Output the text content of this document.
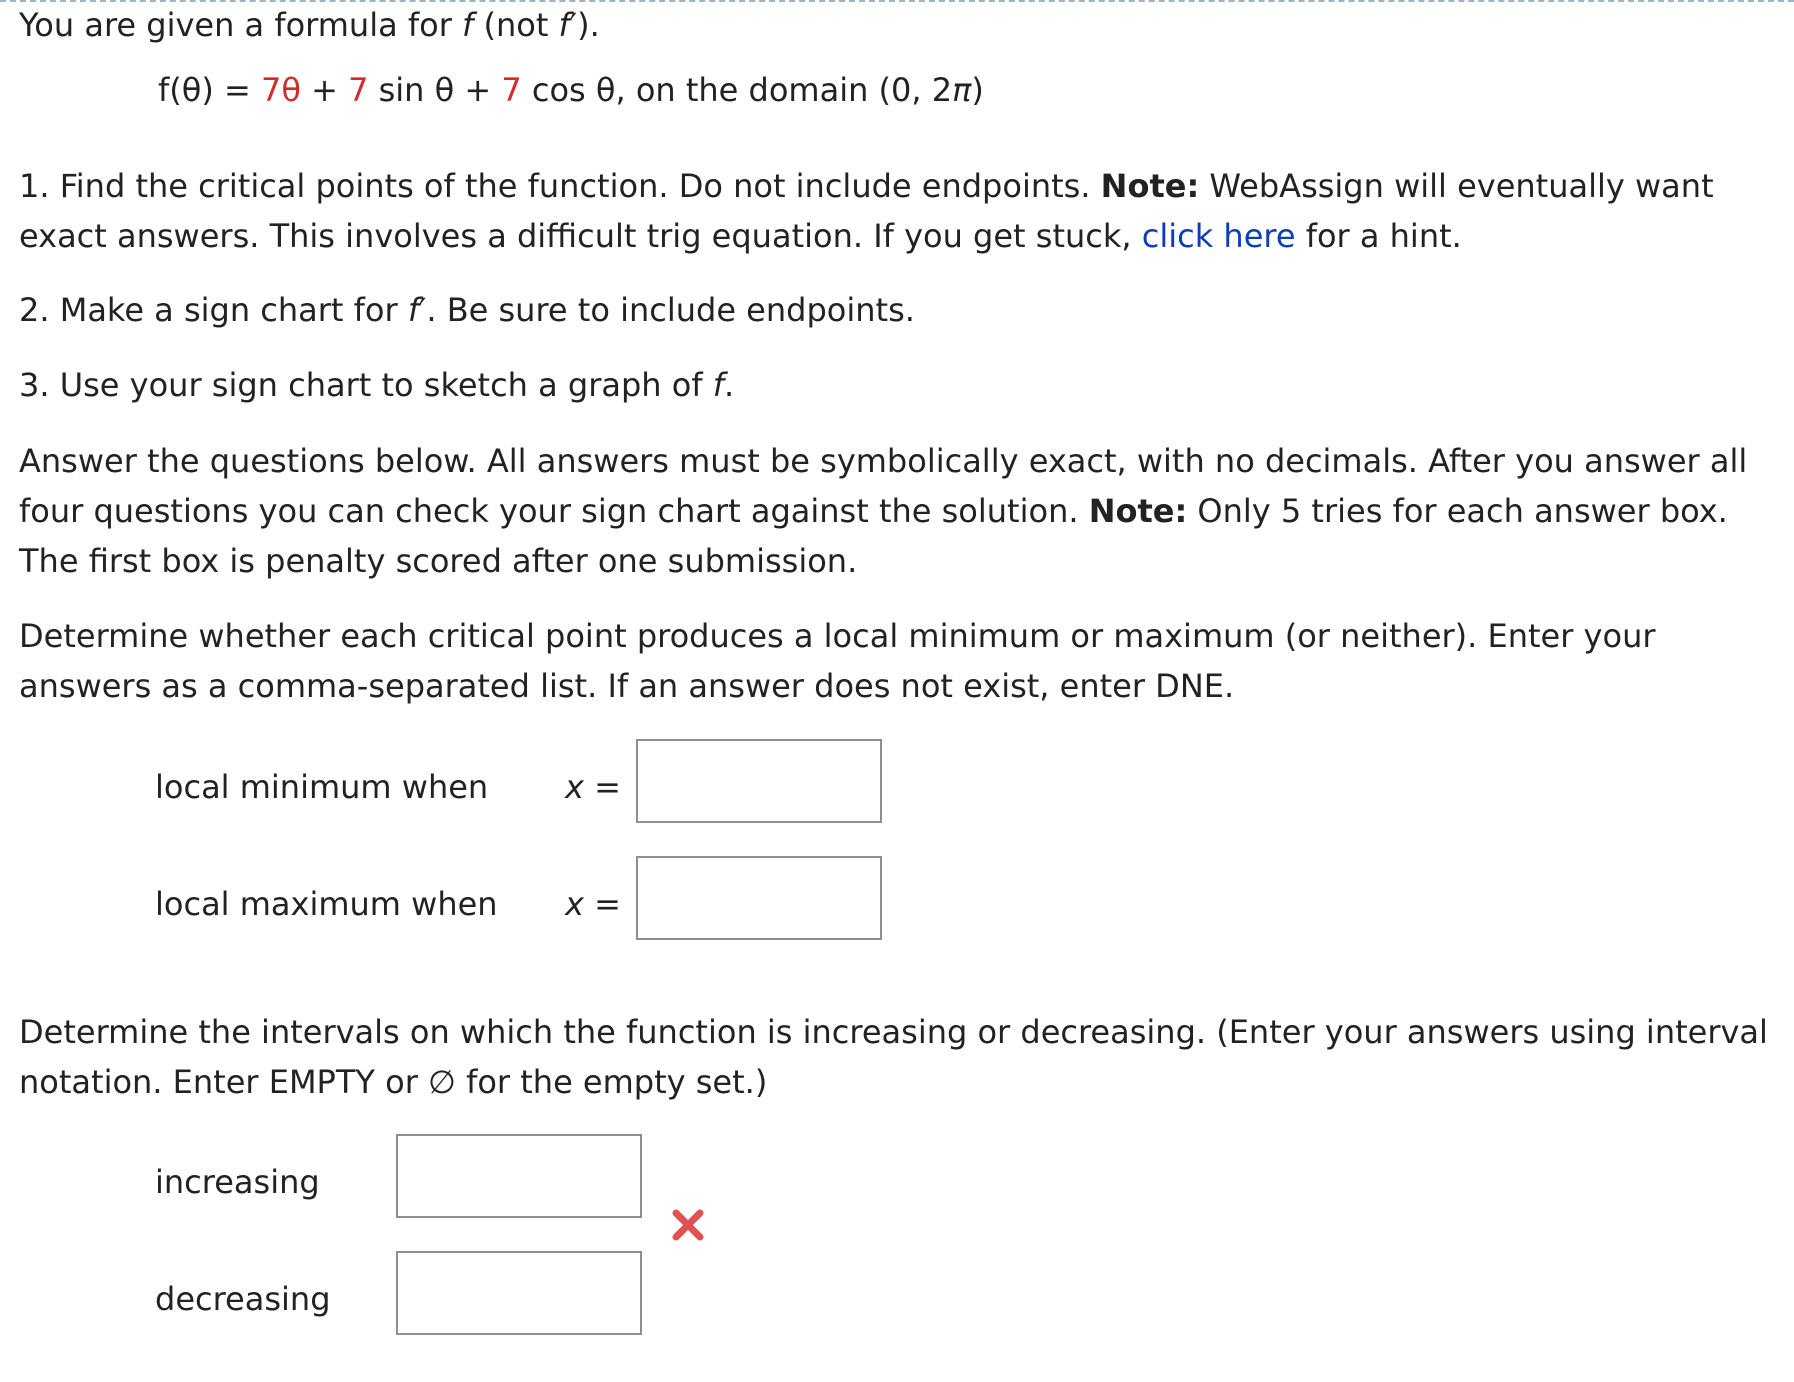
You are given a formula for f (not f′).
f(θ) = 7θ + 7 sin θ + 7 cos θ, on the domain (0, 2π)
1. Find the critical points of the function. Do not include endpoints. Note: WebAssign will eventually want exact answers. This involves a difficult trig equation. If you get stuck, click here for a hint.
2. Make a sign chart for f′. Be sure to include endpoints.
3. Use your sign chart to sketch a graph of f.
Answer the questions below. All answers must be symbolically exact, with no decimals. After you answer all four questions you can check your sign chart against the solution. Note: Only 5 tries for each answer box. The first box is penalty scored after one submission.
Determine whether each critical point produces a local minimum or maximum (or neither). Enter your answers as a comma-separated list. If an answer does not exist, enter DNE.
local minimum when x =
local maximum when x =
Determine the intervals on which the function is increasing or decreasing. (Enter your answers using interval notation. Enter EMPTY or ∅ for the empty set.)
increasing
decreasing
